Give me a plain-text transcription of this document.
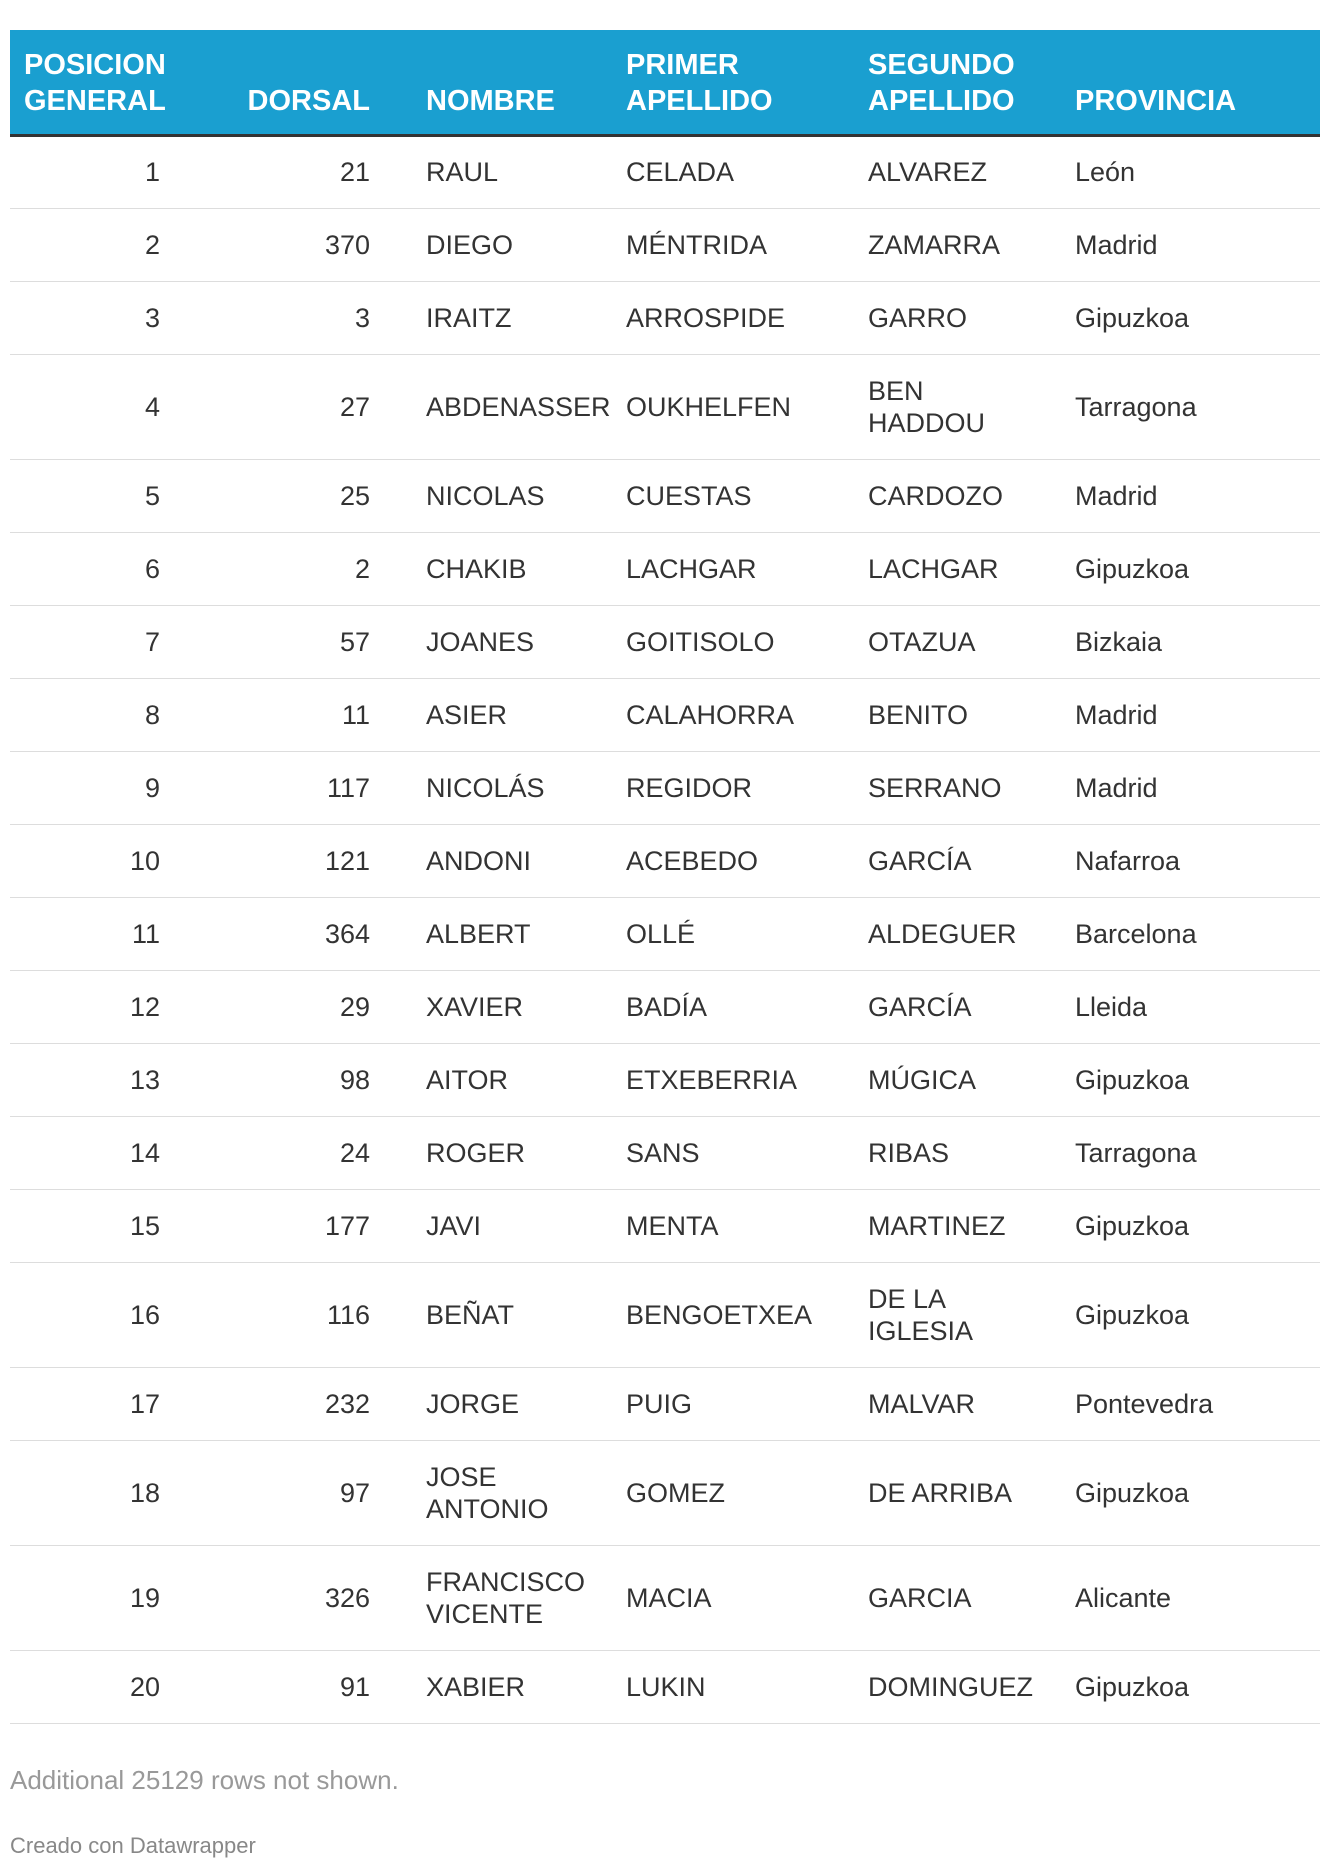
POSICION GENERAL	DORSAL	NOMBRE	PRIMER APELLIDO	SEGUNDO APELLIDO	PROVINCIA
1	21	RAUL	CELADA	ALVAREZ	León
2	370	DIEGO	MÉNTRIDA	ZAMARRA	Madrid
3	3	IRAITZ	ARROSPIDE	GARRO	Gipuzkoa
4	27	ABDENASSER	OUKHELFEN	BEN HADDOU	Tarragona
5	25	NICOLAS	CUESTAS	CARDOZO	Madrid
6	2	CHAKIB	LACHGAR	LACHGAR	Gipuzkoa
7	57	JOANES	GOITISOLO	OTAZUA	Bizkaia
8	11	ASIER	CALAHORRA	BENITO	Madrid
9	117	NICOLÁS	REGIDOR	SERRANO	Madrid
10	121	ANDONI	ACEBEDO	GARCÍA	Nafarroa
11	364	ALBERT	OLLÉ	ALDEGUER	Barcelona
12	29	XAVIER	BADÍA	GARCÍA	Lleida
13	98	AITOR	ETXEBERRIA	MÚGICA	Gipuzkoa
14	24	ROGER	SANS	RIBAS	Tarragona
15	177	JAVI	MENTA	MARTINEZ	Gipuzkoa
16	116	BEÑAT	BENGOETXEA	DE LA IGLESIA	Gipuzkoa
17	232	JORGE	PUIG	MALVAR	Pontevedra
18	97	JOSE ANTONIO	GOMEZ	DE ARRIBA	Gipuzkoa
19	326	FRANCISCO VICENTE	MACIA	GARCIA	Alicante
20	91	XABIER	LUKIN	DOMINGUEZ	Gipuzkoa
Additional 25129 rows not shown.
Creado con Datawrapper
